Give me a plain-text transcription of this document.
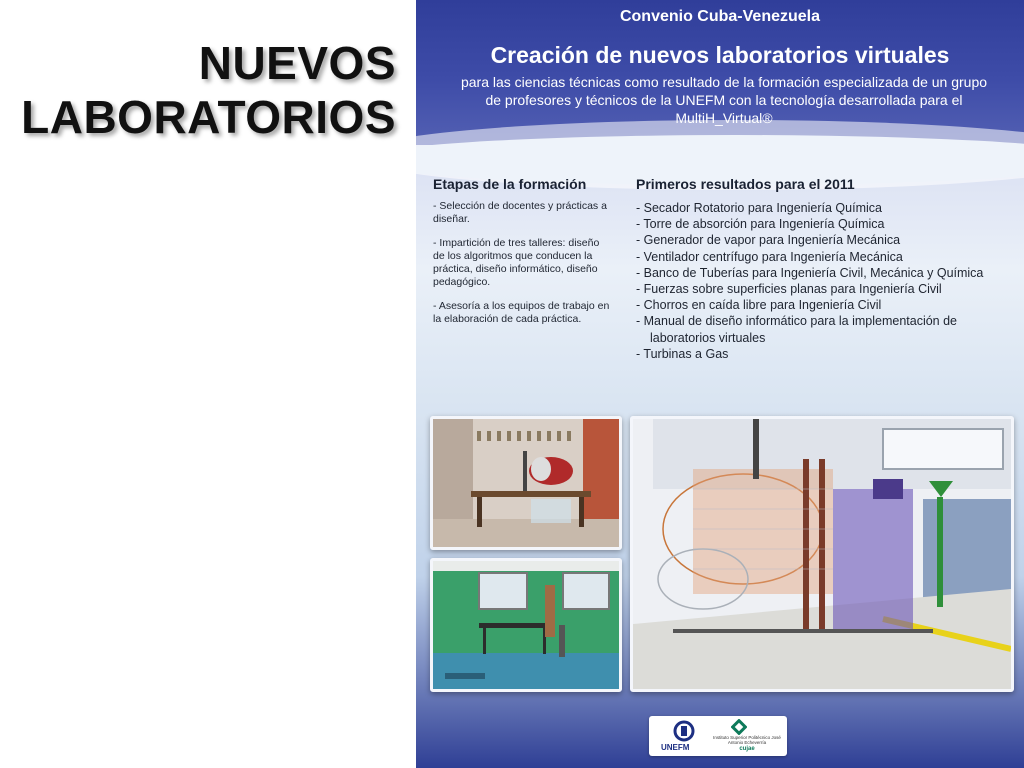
NUEVOS
LABORATORIOS
Convenio Cuba-Venezuela
Creación de nuevos laboratorios virtuales
para las ciencias técnicas como resultado de la formación especializada de un grupo de profesores y técnicos de la UNEFM con la tecnología desarrollada para el MultiH_Virtual®
Etapas de la formación

- Selección de docentes y prácticas a diseñar.

- Impartición de tres talleres: diseño de los algoritmos que conducen la práctica, diseño informático, diseño pedagógico.

- Asesoría a los equipos de trabajo en la elaboración de cada práctica.

Primeros resultados para el 2011
- Secador Rotatorio para Ingeniería Química
- Torre de absorción para Ingeniería Química
- Generador de vapor para Ingeniería Mecánica
- Ventilador centrífugo para Ingeniería Mecánica
- Banco de Tuberías para Ingeniería Civil, Mecánica y Química
- Fuerzas sobre superficies planas para Ingeniería Civil
- Chorros en caída libre para Ingeniería Civil
- Manual de diseño informático para la implementación de laboratorios virtuales
- Turbinas a Gas
UNEFM
Instituto Superior Politécnico José Antonio Echeverría
cujae
